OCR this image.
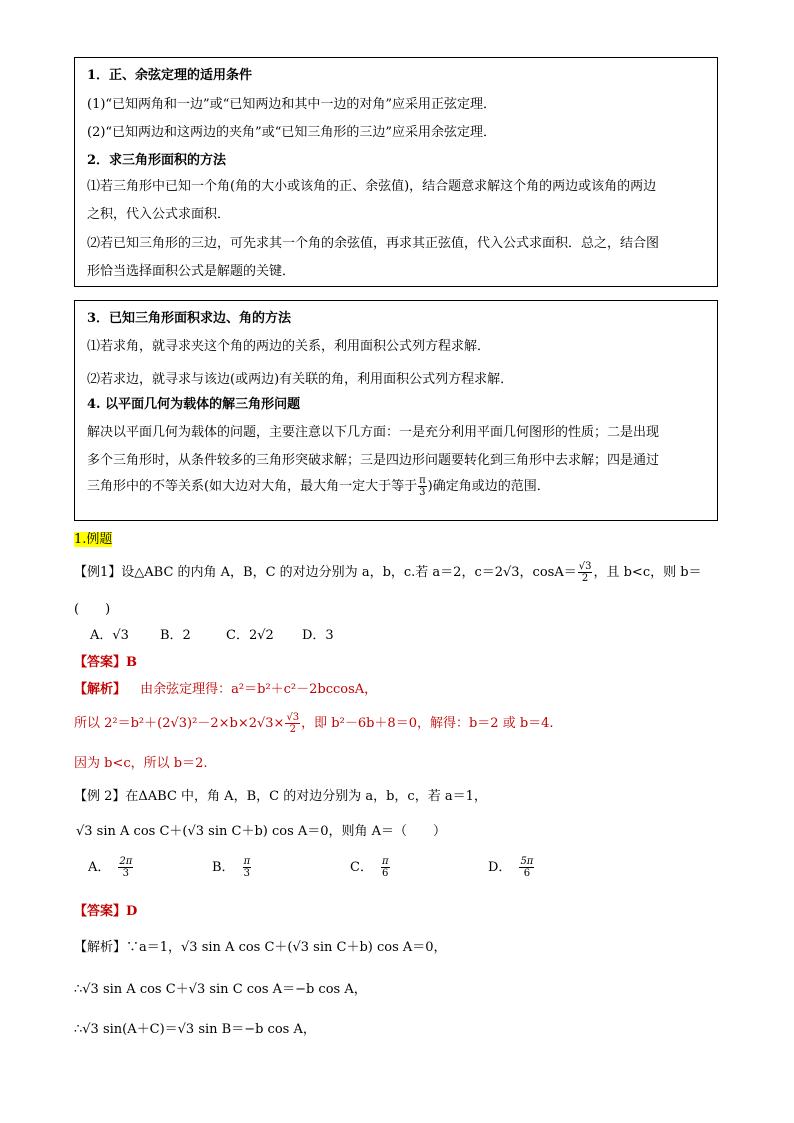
1．正、余弦定理的适用条件
(1)“已知两角和一边”或“已知两边和其中一边的对角”应采用正弦定理．
(2)“已知两边和这两边的夹角”或“已知三角形的三边”应采用余弦定理．
2．求三角形面积的方法
⑴若三角形中已知一个角(角的大小或该角的正、余弦值)，结合题意求解这个角的两边或该角的两边
之积，代入公式求面积．
⑵若已知三角形的三边，可先求其一个角的余弦值，再求其正弦值，代入公式求面积．总之，结合图
形恰当选择面积公式是解题的关键．
3．已知三角形面积求边、角的方法
⑴若求角，就寻求夹这个角的两边的关系，利用面积公式列方程求解．
⑵若求边，就寻求与该边(或两边)有关联的角，利用面积公式列方程求解．
4. 以平面几何为载体的解三角形问题
解决以平面几何为载体的问题，主要注意以下几方面：一是充分利用平面几何图形的性质；二是出现
多个三角形时，从条件较多的三角形突破求解；三是四边形问题要转化到三角形中去求解；四是通过
三角形中的不等关系(如大边对大角，最大角一定大于等于 $\frac{\pi}{3}$ )确定角或边的范围．
1.例题
【例1】设△ABC 的内角 A，B，C 的对边分别为 a，b，c.若 a＝2，c＝2√3，$\cos A= \frac{√3}{2}$ ，且 b<c，则 b＝
(　　)
A．√3 B．2	C．2√2 D．3
【答案】B
【解析】 由余弦定理得：a²＝b²＋c²－2bccosA，
所以 $2^2=b^2+(2√3)^2-2\times b\times 2√3\times \frac{√3}{2}$ ，即 b²－6b＋8＝0，解得：b＝2 或 b＝4.
因为 b<c，所以 b＝2.
【例 2】在ΔABC 中，角 A，B，C 的对边分别为 a，b，c，若 a＝1，
√3 sin A cos C＋(√3 sin C＋b) cos A＝0，则角 A＝（　　）
A． $\frac{2\pi}{3}$	B． $\frac{\pi}{3}$	C． $\frac{\pi}{6}$	D． $\frac{5\pi}{6}$
【答案】D
【解析】∵a＝1，√3 sin A cos C＋(√3 sin C＋b) cos A＝0，
∴√3 sin A cos C＋√3 sin C cos A＝−b cos A，
∴√3 sin(A＋C)＝√3 sin B＝−b cos A，
